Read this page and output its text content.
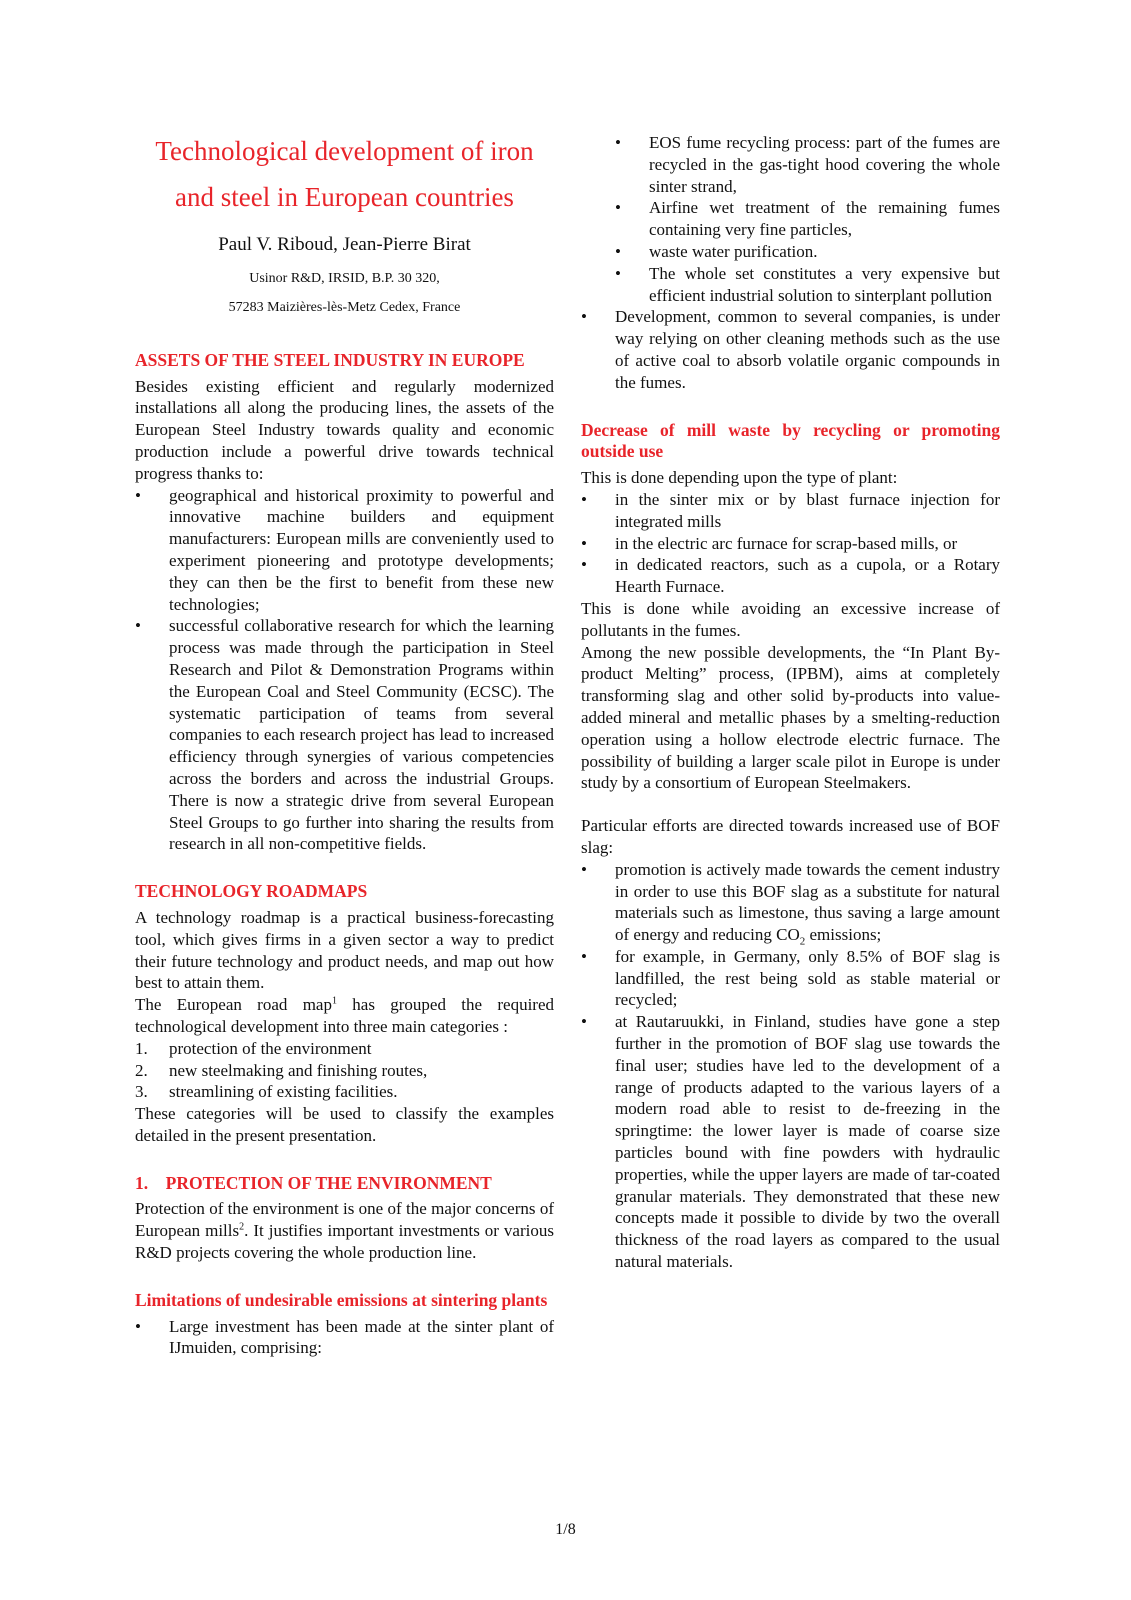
Technological development of iron
and steel in European countries
Paul V. Riboud, Jean-Pierre Birat
Usinor R&D, IRSID, B.P. 30 320,
57283 Maizières-lès-Metz Cedex, France
ASSETS OF THE STEEL INDUSTRY IN EUROPE

Besides existing efficient and regularly modernized installations all along the producing lines, the assets of the European Steel Industry towards quality and economic production include a powerful drive towards technical progress thanks to:

•	geographical and historical proximity to powerful and innovative machine builders and equipment manufacturers: European mills are conveniently used to experiment pioneering and prototype developments; they can then be the first to benefit from these new technologies;
•	successful collaborative research for which the learning process was made through the participation in Steel Research and Pilot & Demonstration Programs within the European Coal and Steel Community (ECSC). The systematic participation of teams from several companies to each research project has lead to increased efficiency through synergies of various competencies across the borders and across the industrial Groups. There is now a strategic drive from several European Steel Groups to go further into sharing the results from research in all non-competitive fields.
TECHNOLOGY ROADMAPS

A technology roadmap is a practical business-forecasting tool, which gives firms in a given sector a way to predict their future technology and product needs, and map out how best to attain them.

The European road map$^1$ has grouped the required technological development into three main categories :

1.	protection of the environment
2.	new steelmaking and finishing routes,
3.	streamlining of existing facilities.

These categories will be used to classify the examples detailed in the present presentation.

1.    PROTECTION OF THE ENVIRONMENT

Protection of the environment is one of the major concerns of European mills$^2$. It justifies important investments or various R&D projects covering the whole production line.

Limitations of undesirable emissions at sintering plants
•	Large investment has been made at the sinter plant of IJmuiden, comprising:
•	EOS fume recycling process: part of the fumes are recycled in the gas-tight hood covering the whole sinter strand,
•	Airfine wet treatment of the remaining fumes containing very fine particles,
•	waste water purification.
•	The whole set constitutes a very expensive but efficient industrial solution to sinterplant pollution
•	Development, common to several companies, is under way relying on other cleaning methods such as the use of active coal to absorb volatile organic compounds in the fumes.
Decrease of mill waste by recycling or promoting outside use

This is done depending upon the type of plant:

•	in the sinter mix or by blast furnace injection for integrated mills
•	in the electric arc furnace for scrap-based mills, or
•	in dedicated reactors, such as a cupola, or a Rotary Hearth Furnace.

This is done while avoiding an excessive increase of pollutants in the fumes.

Among the new possible developments, the “In Plant By-product Melting” process, (IPBM), aims at completely transforming slag and other solid by-products into value-added mineral and metallic phases by a smelting-reduction operation using a hollow electrode electric furnace. The possibility of building a larger scale pilot in Europe is under study by a consortium of European Steelmakers.

Particular efforts are directed towards increased use of BOF slag:

•	promotion is actively made towards the cement industry in order to use this BOF slag as a substitute for natural materials such as limestone, thus saving a large amount of energy and reducing $CO_2$ emissions;
•	for example, in Germany, only 8.5% of BOF slag is landfilled, the rest being sold as stable material or recycled;
•	at Rautaruukki, in Finland, studies have gone a step further in the promotion of BOF slag use towards the final user; studies have led to the development of a range of products adapted to the various layers of a modern road able to resist to de-freezing in the springtime: the lower layer is made of coarse size particles bound with fine powders with hydraulic properties, while the upper layers are made of tar-coated granular materials. They demonstrated that these new concepts made it possible to divide by two the overall thickness of the road layers as compared to the usual natural materials.
1/8
